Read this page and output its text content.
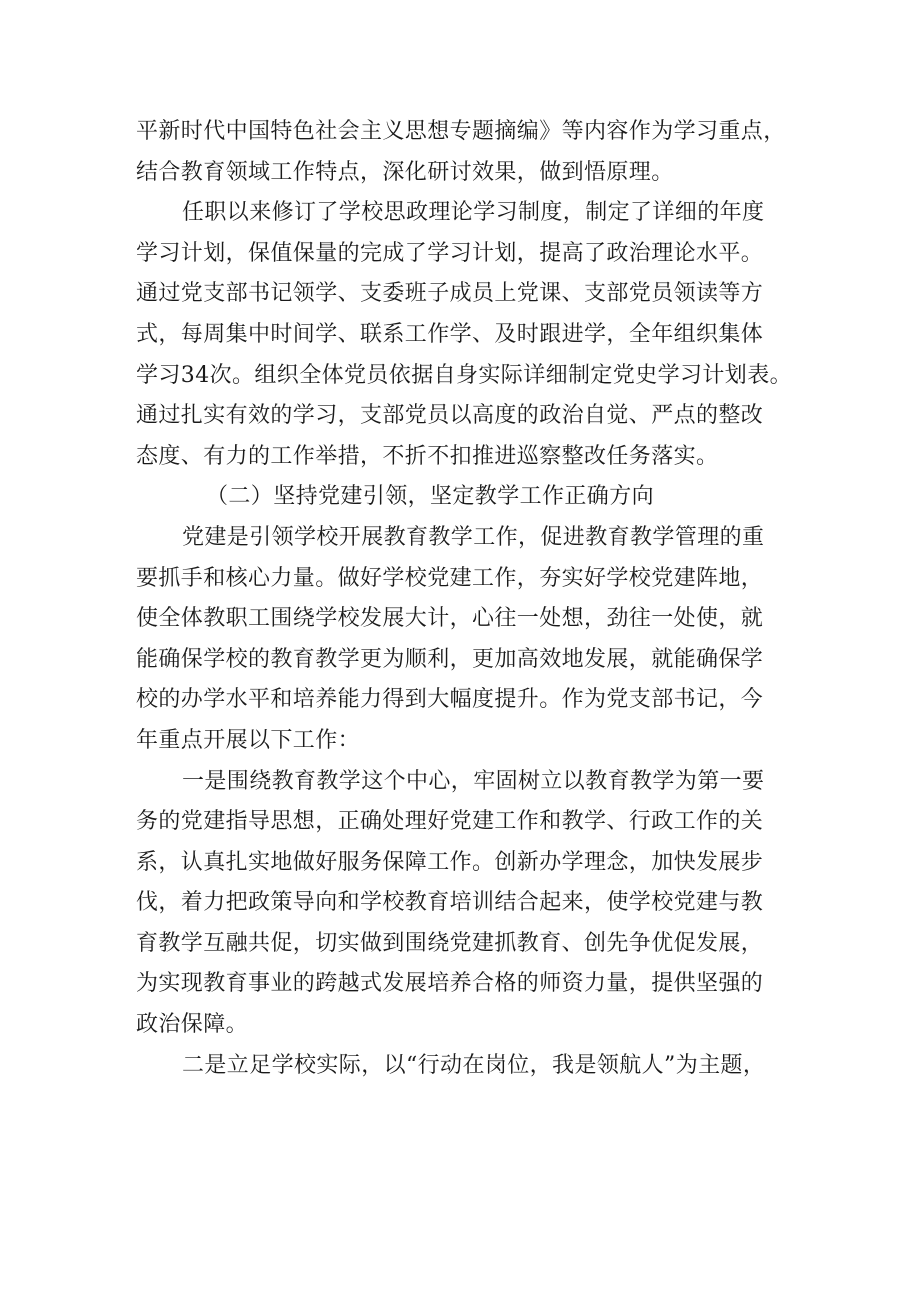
平新时代中国特色社会主义思想专题摘编》等内容作为学习重点，
结合教育领域工作特点，深化研讨效果，做到悟原理。
任职以来修订了学校思政理论学习制度，制定了详细的年度
学习计划，保值保量的完成了学习计划，提高了政治理论水平。
通过党支部书记领学、支委班子成员上党课、支部党员领读等方
式，每周集中时间学、联系工作学、及时跟进学，全年组织集体
学习34次。组织全体党员依据自身实际详细制定党史学习计划表。
通过扎实有效的学习，支部党员以高度的政治自觉、严点的整改
态度、有力的工作举措，不折不扣推进巡察整改任务落实。
（二）坚持党建引领，坚定教学工作正确方向
党建是引领学校开展教育教学工作，促进教育教学管理的重
要抓手和核心力量。做好学校党建工作，夯实好学校党建阵地，
使全体教职工围绕学校发展大计，心往一处想，劲往一处使，就
能确保学校的教育教学更为顺利，更加高效地发展，就能确保学
校的办学水平和培养能力得到大幅度提升。作为党支部书记，今
年重点开展以下工作：
一是围绕教育教学这个中心，牢固树立以教育教学为第一要
务的党建指导思想，正确处理好党建工作和教学、行政工作的关
系，认真扎实地做好服务保障工作。创新办学理念，加快发展步
伐，着力把政策导向和学校教育培训结合起来，使学校党建与教
育教学互融共促，切实做到围绕党建抓教育、创先争优促发展，
为实现教育事业的跨越式发展培养合格的师资力量，提供坚强的
政治保障。
二是立足学校实际，以“行动在岗位，我是领航人”为主题，
